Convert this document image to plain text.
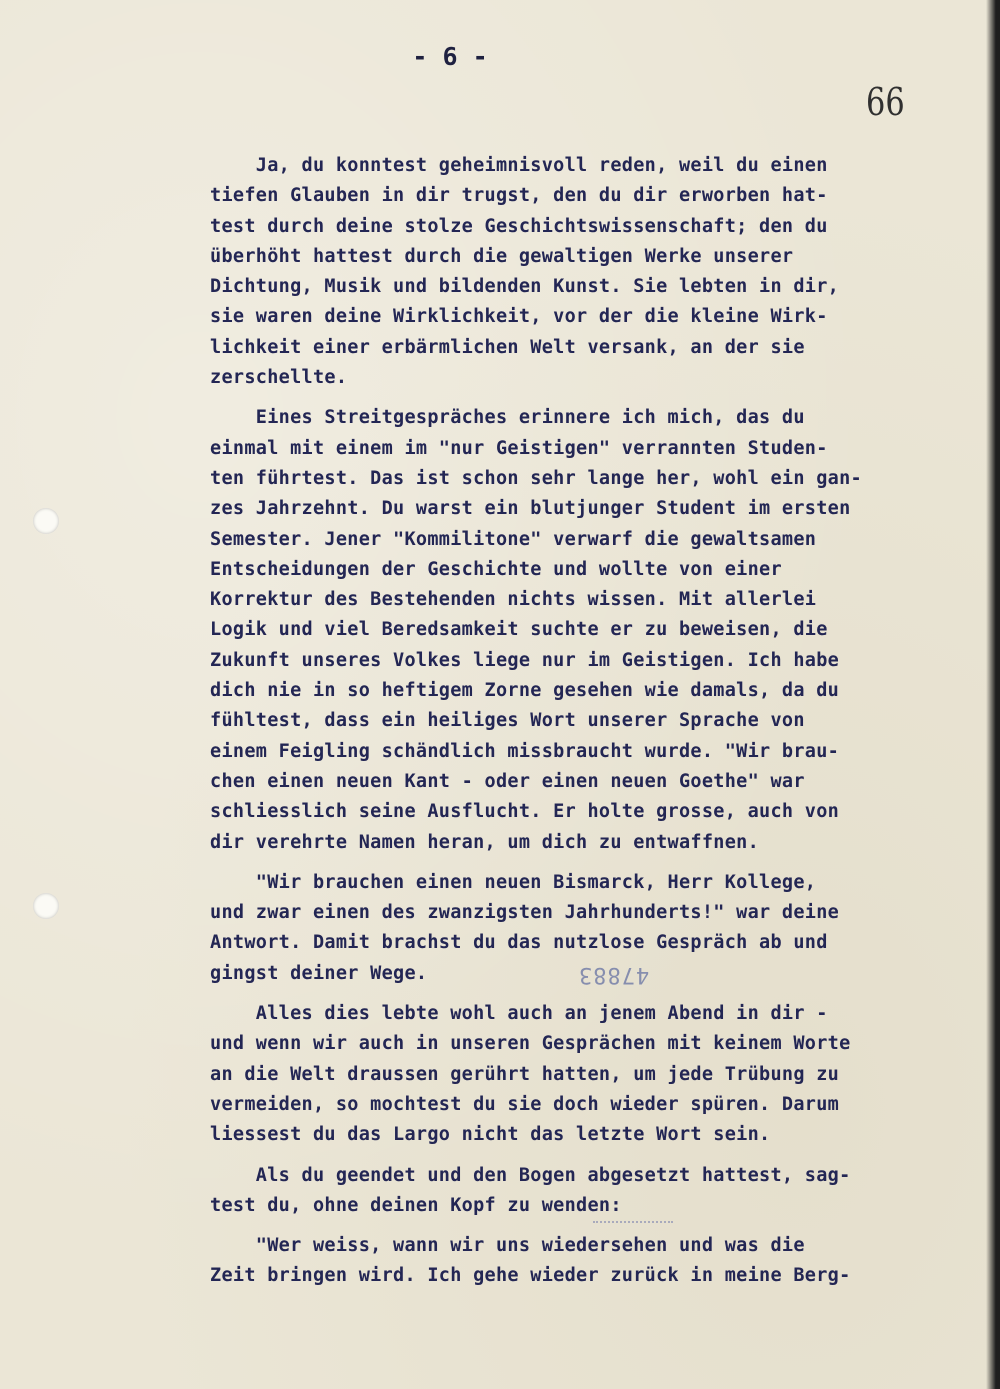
- 6 -
66
Ja, du konntest geheimnisvoll reden, weil du einen
tiefen Glauben in dir trugst, den du dir erworben hat-
test durch deine stolze Geschichtswissenschaft; den du
überhöht hattest durch die gewaltigen Werke unserer
Dichtung, Musik und bildenden Kunst. Sie lebten in dir,
sie waren deine Wirklichkeit, vor der die kleine Wirk-
lichkeit einer erbärmlichen Welt versank, an der sie
zerschellte.
Eines Streitgespräches erinnere ich mich, das du
einmal mit einem im "nur Geistigen" verrannten Studen-
ten führtest. Das ist schon sehr lange her, wohl ein gan-
zes Jahrzehnt. Du warst ein blutjunger Student im ersten
Semester. Jener "Kommilitone" verwarf die gewaltsamen
Entscheidungen der Geschichte und wollte von einer
Korrektur des Bestehenden nichts wissen. Mit allerlei
Logik und viel Beredsamkeit suchte er zu beweisen, die
Zukunft unseres Volkes liege nur im Geistigen. Ich habe
dich nie in so heftigem Zorne gesehen wie damals, da du
fühltest, dass ein heiliges Wort unserer Sprache von
einem Feigling schändlich missbraucht wurde. "Wir brau-
chen einen neuen Kant - oder einen neuen Goethe" war
schliesslich seine Ausflucht. Er holte grosse, auch von
dir verehrte Namen heran, um dich zu entwaffnen.
"Wir brauchen einen neuen Bismarck, Herr Kollege,
und zwar einen des zwanzigsten Jahrhunderts!" war deine
Antwort. Damit brachst du das nutzlose Gespräch ab und
gingst deiner Wege.
Alles dies lebte wohl auch an jenem Abend in dir -
und wenn wir auch in unseren Gesprächen mit keinem Worte
an die Welt draussen gerührt hatten, um jede Trübung zu
vermeiden, so mochtest du sie doch wieder spüren. Darum
liessest du das Largo nicht das letzte Wort sein.
Als du geendet und den Bogen abgesetzt hattest, sag-
test du, ohne deinen Kopf zu wenden:
"Wer weiss, wann wir uns wiedersehen und was die
Zeit bringen wird. Ich gehe wieder zurück in meine Berg-
47883
